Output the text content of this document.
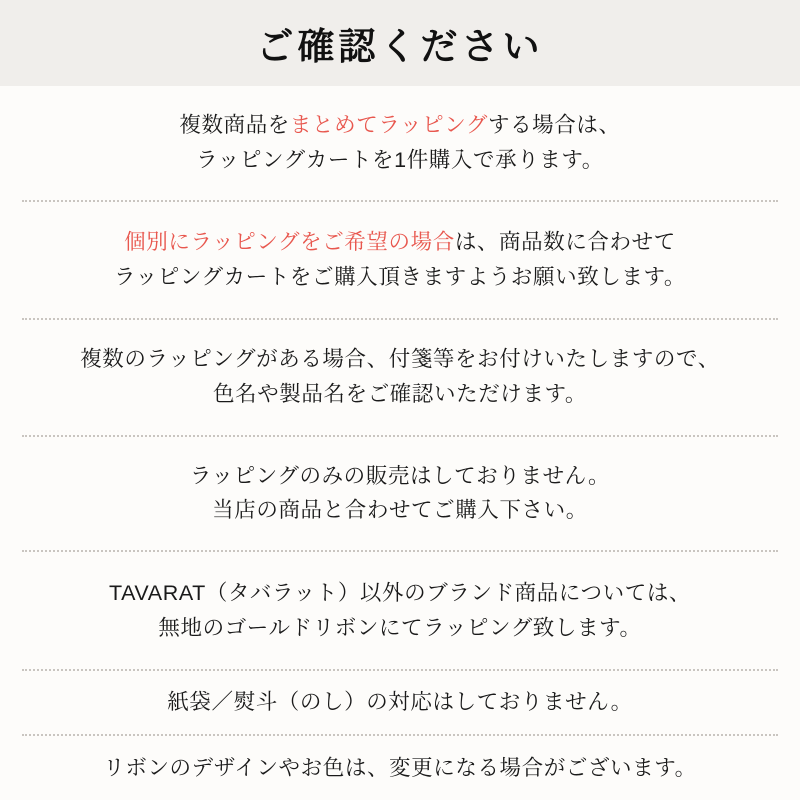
ご確認ください
複数商品をまとめてラッピングする場合は、
ラッピングカートを1件購入で承ります。
個別にラッピングをご希望の場合は、商品数に合わせて
ラッピングカートをご購入頂きますようお願い致します。
複数のラッピングがある場合、付箋等をお付けいたしますので、
色名や製品名をご確認いただけます。
ラッピングのみの販売はしておりません。
当店の商品と合わせてご購入下さい。
TAVARAT（タバラット）以外のブランド商品については、
無地のゴールドリボンにてラッピング致します。
紙袋／熨斗（のし）の対応はしておりません。
リボンのデザインやお色は、変更になる場合がございます。
